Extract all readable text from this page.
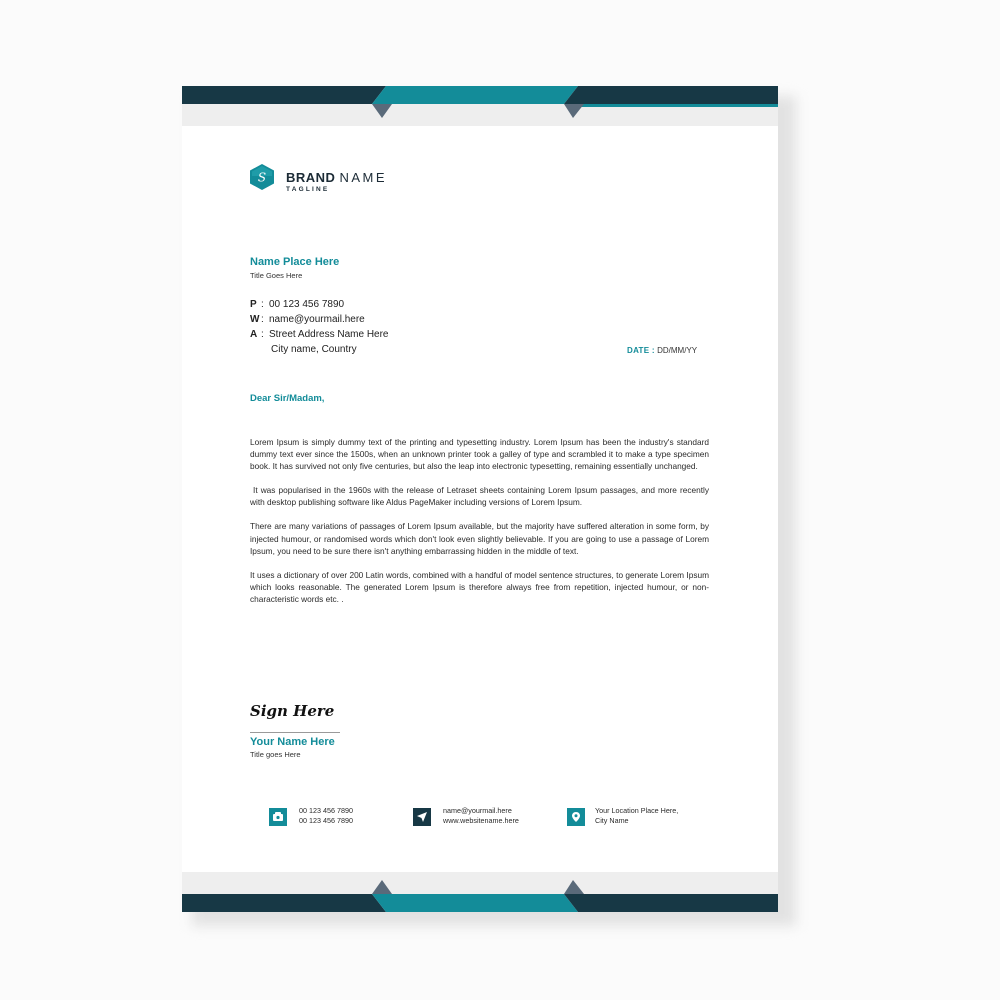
S BRAND NAME
TAGLINE
Name Place Here
Title Goes Here
P : 00 123 456 7890
W : name@yourmail.here
A : Street Address Name Here
City name, Country	DATE : DD/MM/YY
Dear Sir/Madam,

Lorem Ipsum is simply dummy text of the printing and typesetting industry. Lorem Ipsum has been the industry's standard dummy text ever since the 1500s, when an unknown printer took a galley of type and scrambled it to make a type specimen book. It has survived not only five centuries, but also the leap into electronic typesetting, remaining essentially unchanged.

It was popularised in the 1960s with the release of Letraset sheets containing Lorem Ipsum passages, and more recently with desktop publishing software like Aldus PageMaker including versions of Lorem Ipsum.

There are many variations of passages of Lorem Ipsum available, but the majority have suffered alteration in some form, by injected humour, or randomised words which don't look even slightly believable. If you are going to use a passage of Lorem Ipsum, you need to be sure there isn't anything embarrassing hidden in the middle of text.

It uses a dictionary of over 200 Latin words, combined with a handful of model sentence structures, to generate Lorem Ipsum which looks reasonable. The generated Lorem Ipsum is therefore always free from repetition, injected humour, or non-characteristic words etc. .

Sign Here
Your Name Here
Title goes Here
00 123 456 7890
00 123 456 7890
name@yourmail.here
www.websitename.here
Your Location Place Here,
City Name
